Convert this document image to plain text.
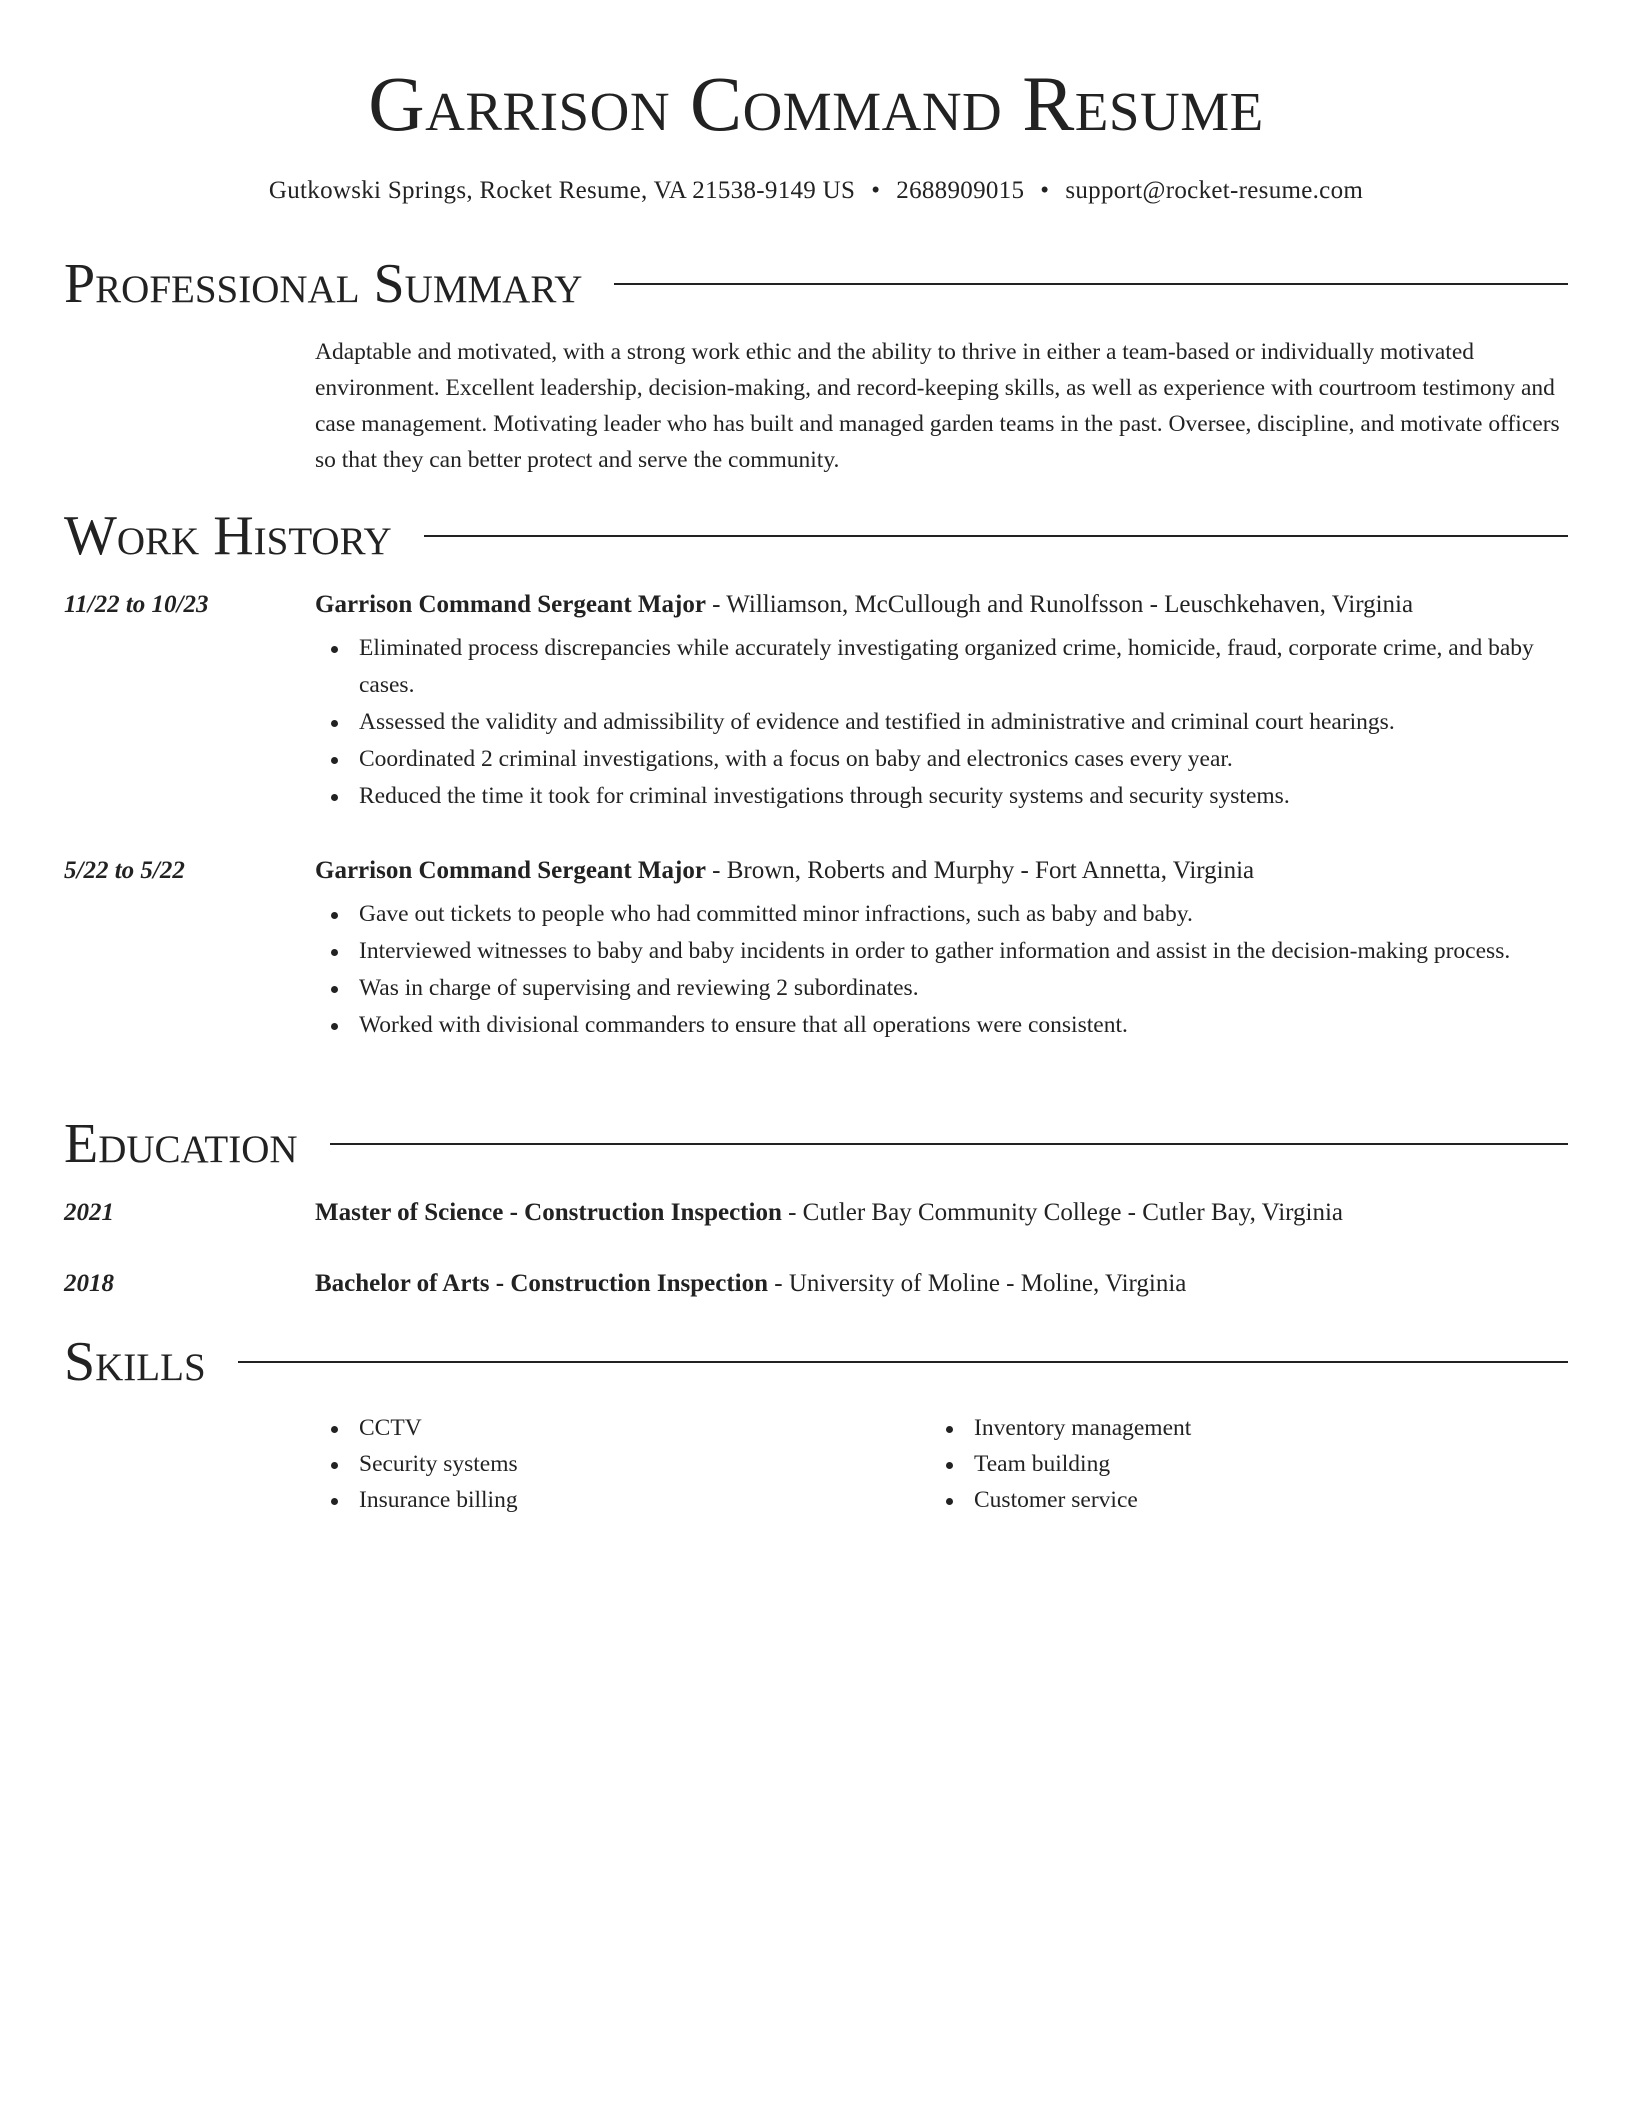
Garrison Command Resume
Gutkowski Springs, Rocket Resume, VA 21538-9149 US • 2688909015 • support@rocket-resume.com
Professional Summary
Adaptable and motivated, with a strong work ethic and the ability to thrive in either a team-based or individually motivated environment. Excellent leadership, decision-making, and record-keeping skills, as well as experience with courtroom testimony and case management. Motivating leader who has built and managed garden teams in the past. Oversee, discipline, and motivate officers so that they can better protect and serve the community.
Work History
11/22 to 10/23	Garrison Command Sergeant Major - Williamson, McCullough and Runolfsson - Leuschkehaven, Virginia
Eliminated process discrepancies while accurately investigating organized crime, homicide, fraud, corporate crime, and baby cases.
Assessed the validity and admissibility of evidence and testified in administrative and criminal court hearings.
Coordinated 2 criminal investigations, with a focus on baby and electronics cases every year.
Reduced the time it took for criminal investigations through security systems and security systems.
5/22 to 5/22	Garrison Command Sergeant Major - Brown, Roberts and Murphy - Fort Annetta, Virginia
Gave out tickets to people who had committed minor infractions, such as baby and baby.
Interviewed witnesses to baby and baby incidents in order to gather information and assist in the decision-making process.
Was in charge of supervising and reviewing 2 subordinates.
Worked with divisional commanders to ensure that all operations were consistent.
Education
2021	Master of Science - Construction Inspection - Cutler Bay Community College - Cutler Bay, Virginia
2018	Bachelor of Arts - Construction Inspection - University of Moline - Moline, Virginia
Skills
CCTV
Security systems
Insurance billing
Inventory management
Team building
Customer service
